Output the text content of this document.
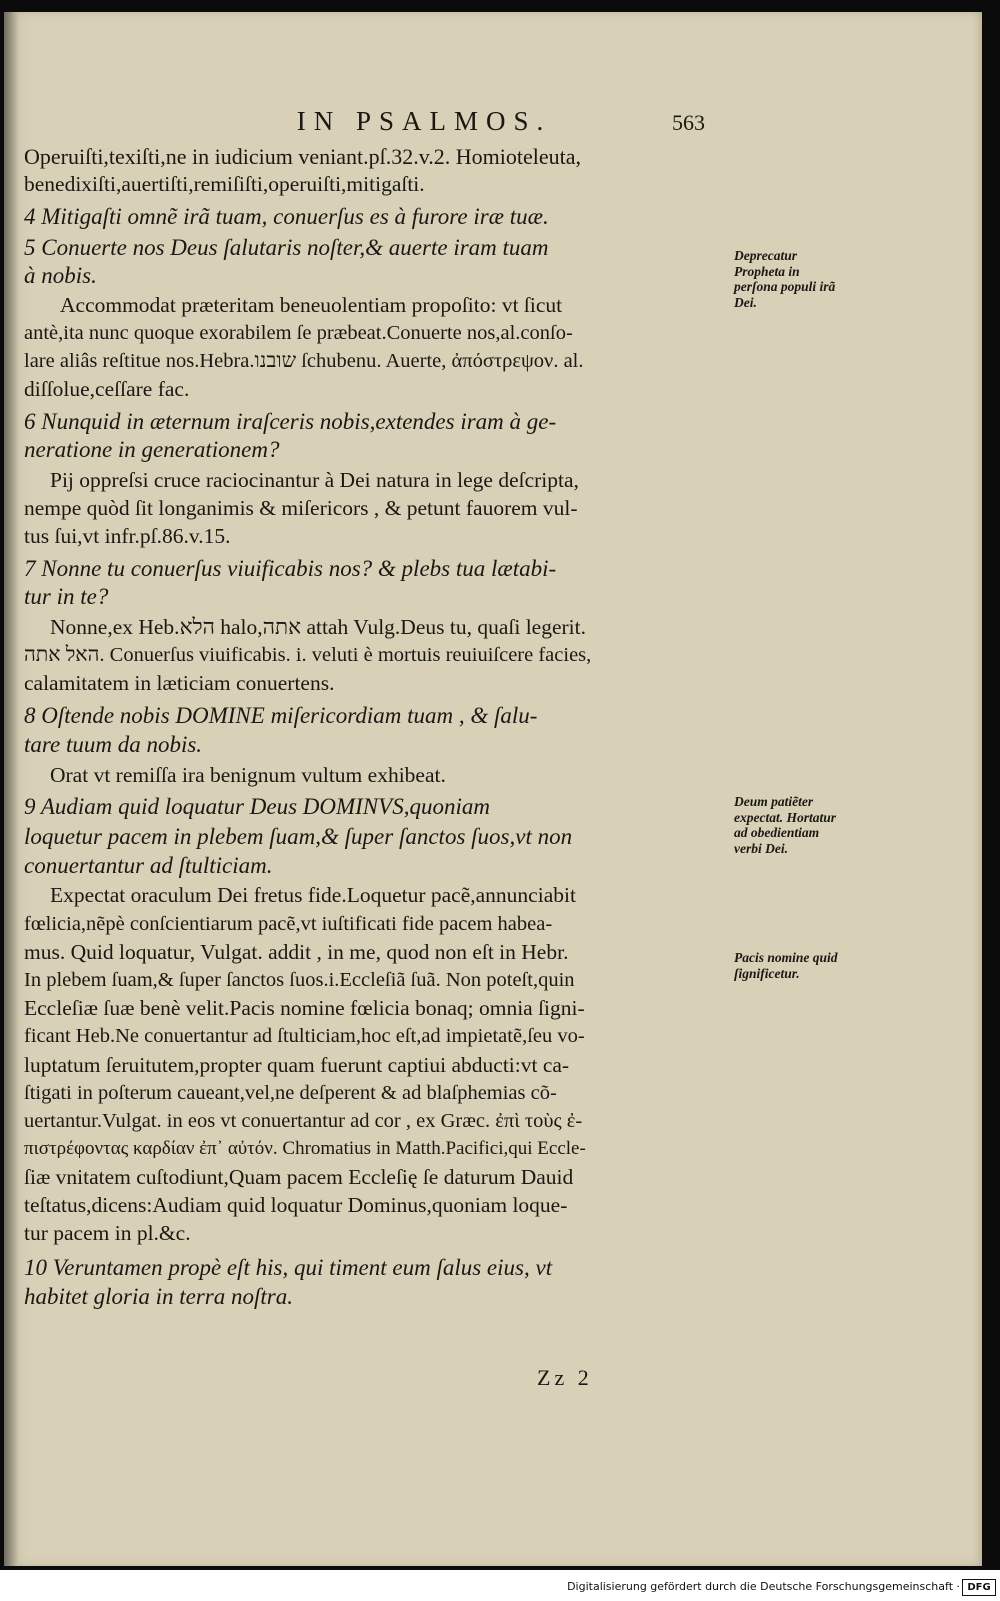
IN PSALMOS.	563
Operuiſti,texiſti,ne in iudicium veniant.pſ.32.v.2. Homioteleuta,
benedixiſti,auertiſti,remiſiſti,operuiſti,mitigaſti.
4 Mitigaſti omnẽ irã tuam, conuerſus es à furore iræ tuæ.
5 Conuerte nos Deus ſalutaris noſter,& auerte iram tuam
à nobis.
Accommodat præteritam beneuolentiam propoſito: vt ſicut
antè,ita nunc quoque exorabilem ſe præbeat.Conuerte nos,al.conſo-
lare aliâs reſtitue nos.Hebra.שובנו ſchubenu. Auerte, ἀπόστρεψον. al.
diſſolue,ceſſare fac.
6 Nunquid in æternum iraſceris nobis,extendes iram à ge-
neratione in generationem?
Pij oppreſsi cruce raciocinantur à Dei natura in lege deſcripta,
nempe quòd ſit longanimis & miſericors , & petunt fauorem vul-
tus ſui,vt infr.pſ.86.v.15.
7 Nonne tu conuerſus viuificabis nos? & plebs tua lætabi-
tur in te?
Nonne,ex Heb.הלא halo,אתה attah Vulg.Deus tu, quaſi legerit.
האל אתה. Conuerſus viuificabis. i. veluti è mortuis reuiuiſcere facies,
calamitatem in læticiam conuertens.
8 Oſtende nobis DOMINE miſericordiam tuam , & ſalu-
tare tuum da nobis.
Orat vt remiſſa ira benignum vultum exhibeat.
9 Audiam quid loquatur Deus DOMINVS,quoniam
loquetur pacem in plebem ſuam,& ſuper ſanctos ſuos,vt non
conuertantur ad ſtulticiam.
Expectat oraculum Dei fretus fide.Loquetur pacẽ,annunciabit
fœlicia,nẽpè conſcientiarum pacẽ,vt iuſtificati fide pacem habea-
mus. Quid loquatur, Vulgat. addit , in me, quod non eſt in Hebr.
In plebem ſuam,& ſuper ſanctos ſuos.i.Eccleſiã ſuã. Non poteſt,quin
Eccleſiæ ſuæ benè velit.Pacis nomine fœlicia bonaq; omnia ſigni-
ficant Heb.Ne conuertantur ad ſtulticiam,hoc eſt,ad impietatẽ,ſeu vo-
luptatum ſeruitutem,propter quam fuerunt captiui abducti:vt ca-
ſtigati in poſterum caueant,vel,ne deſperent & ad blaſphemias cõ-
uertantur.Vulgat. in eos vt conuertantur ad cor , ex Græc. ἐπὶ τοὺς ἐ-
πιστρέφοντας καρδίαν ἐπ᾽ αὐτόν. Chromatius in Matth.Pacifici,qui Eccle-
ſiæ vnitatem cuſtodiunt,Quam pacem Eccleſię ſe daturum Dauid
teſtatus,dicens:Audiam quid loquatur Dominus,quoniam loque-
tur pacem in pl.&c.
10 Veruntamen propè eſt his, qui timent eum ſalus eius, vt
habitet gloria in terra noſtra.
Deprecatur Propheta in perſona populi irã Dei.
Deum patiẽter expectat. Hortatur ad obedientiam verbi Dei.
Pacis nomine quid ſignificetur.
Zz 2
Digitalisierung gefördert durch die Deutsche Forschungsgemeinschaft · DFG
